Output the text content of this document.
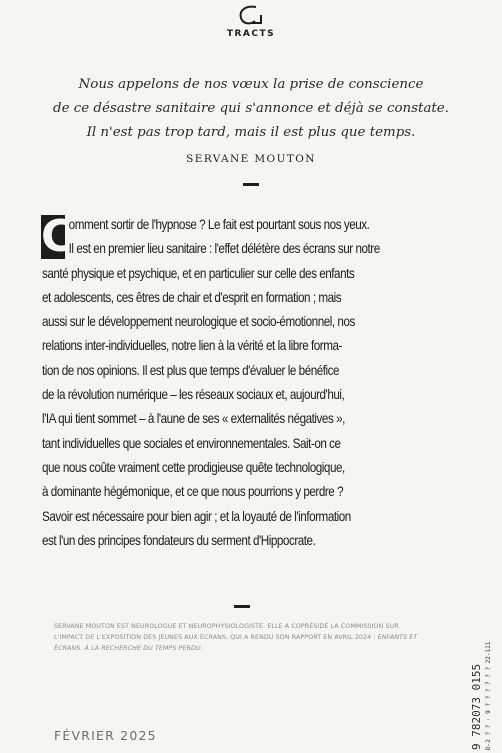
TRACTS
Nous appelons de nos vœux la prise de conscience
de ce désastre sanitaire qui s'annonce et déjà se constate.
Il n'est pas trop tard, mais il est plus que temps.
SERVANE MOUTON
C
omment sortir de l'hypnose ? Le fait est pourtant sous nos yeux.
Il est en premier lieu sanitaire : l'effet délétère des écrans sur notre
santé physique et psychique, et en particulier sur celle des enfants
et adolescents, ces êtres de chair et d'esprit en formation ; mais
aussi sur le développement neurologique et socio-émotionnel, nos
relations inter-individuelles, notre lien à la vérité et la libre forma-
tion de nos opinions. Il est plus que temps d'évaluer le bénéfice
de la révolution numérique – les réseaux sociaux et, aujourd'hui,
l'IA qui tient sommet – à l'aune de ses « externalités négatives »,
tant individuelles que sociales et environnementales. Sait-on ce
que nous coûte vraiment cette prodigieuse quête technologique,
à dominante hégémonique, et ce que nous pourrions y perdre ?
Savoir est nécessaire pour bien agir ; et la loyauté de l'information
est l'un des principes fondateurs du serment d'Hippocrate.
SERVANE MOUTON EST NEUROLOGUE ET NEUROPHYSIOLOGISTE. ELLE A COPRÉSIDÉ LA COMMISSION SUR
L'IMPACT DE L'EXPOSITION DES JEUNES AUX ÉCRANS, QUI A RENDU SON RAPPORT EN AVRIL 2024 : ENFANTS ET
ÉCRANS. À LA RECHERCHE DU TEMPS PERDU.
FÉVRIER 2025	9 782073 0155 D-2 ? ? · 9 ? ? ? ? ? ? 22-111
